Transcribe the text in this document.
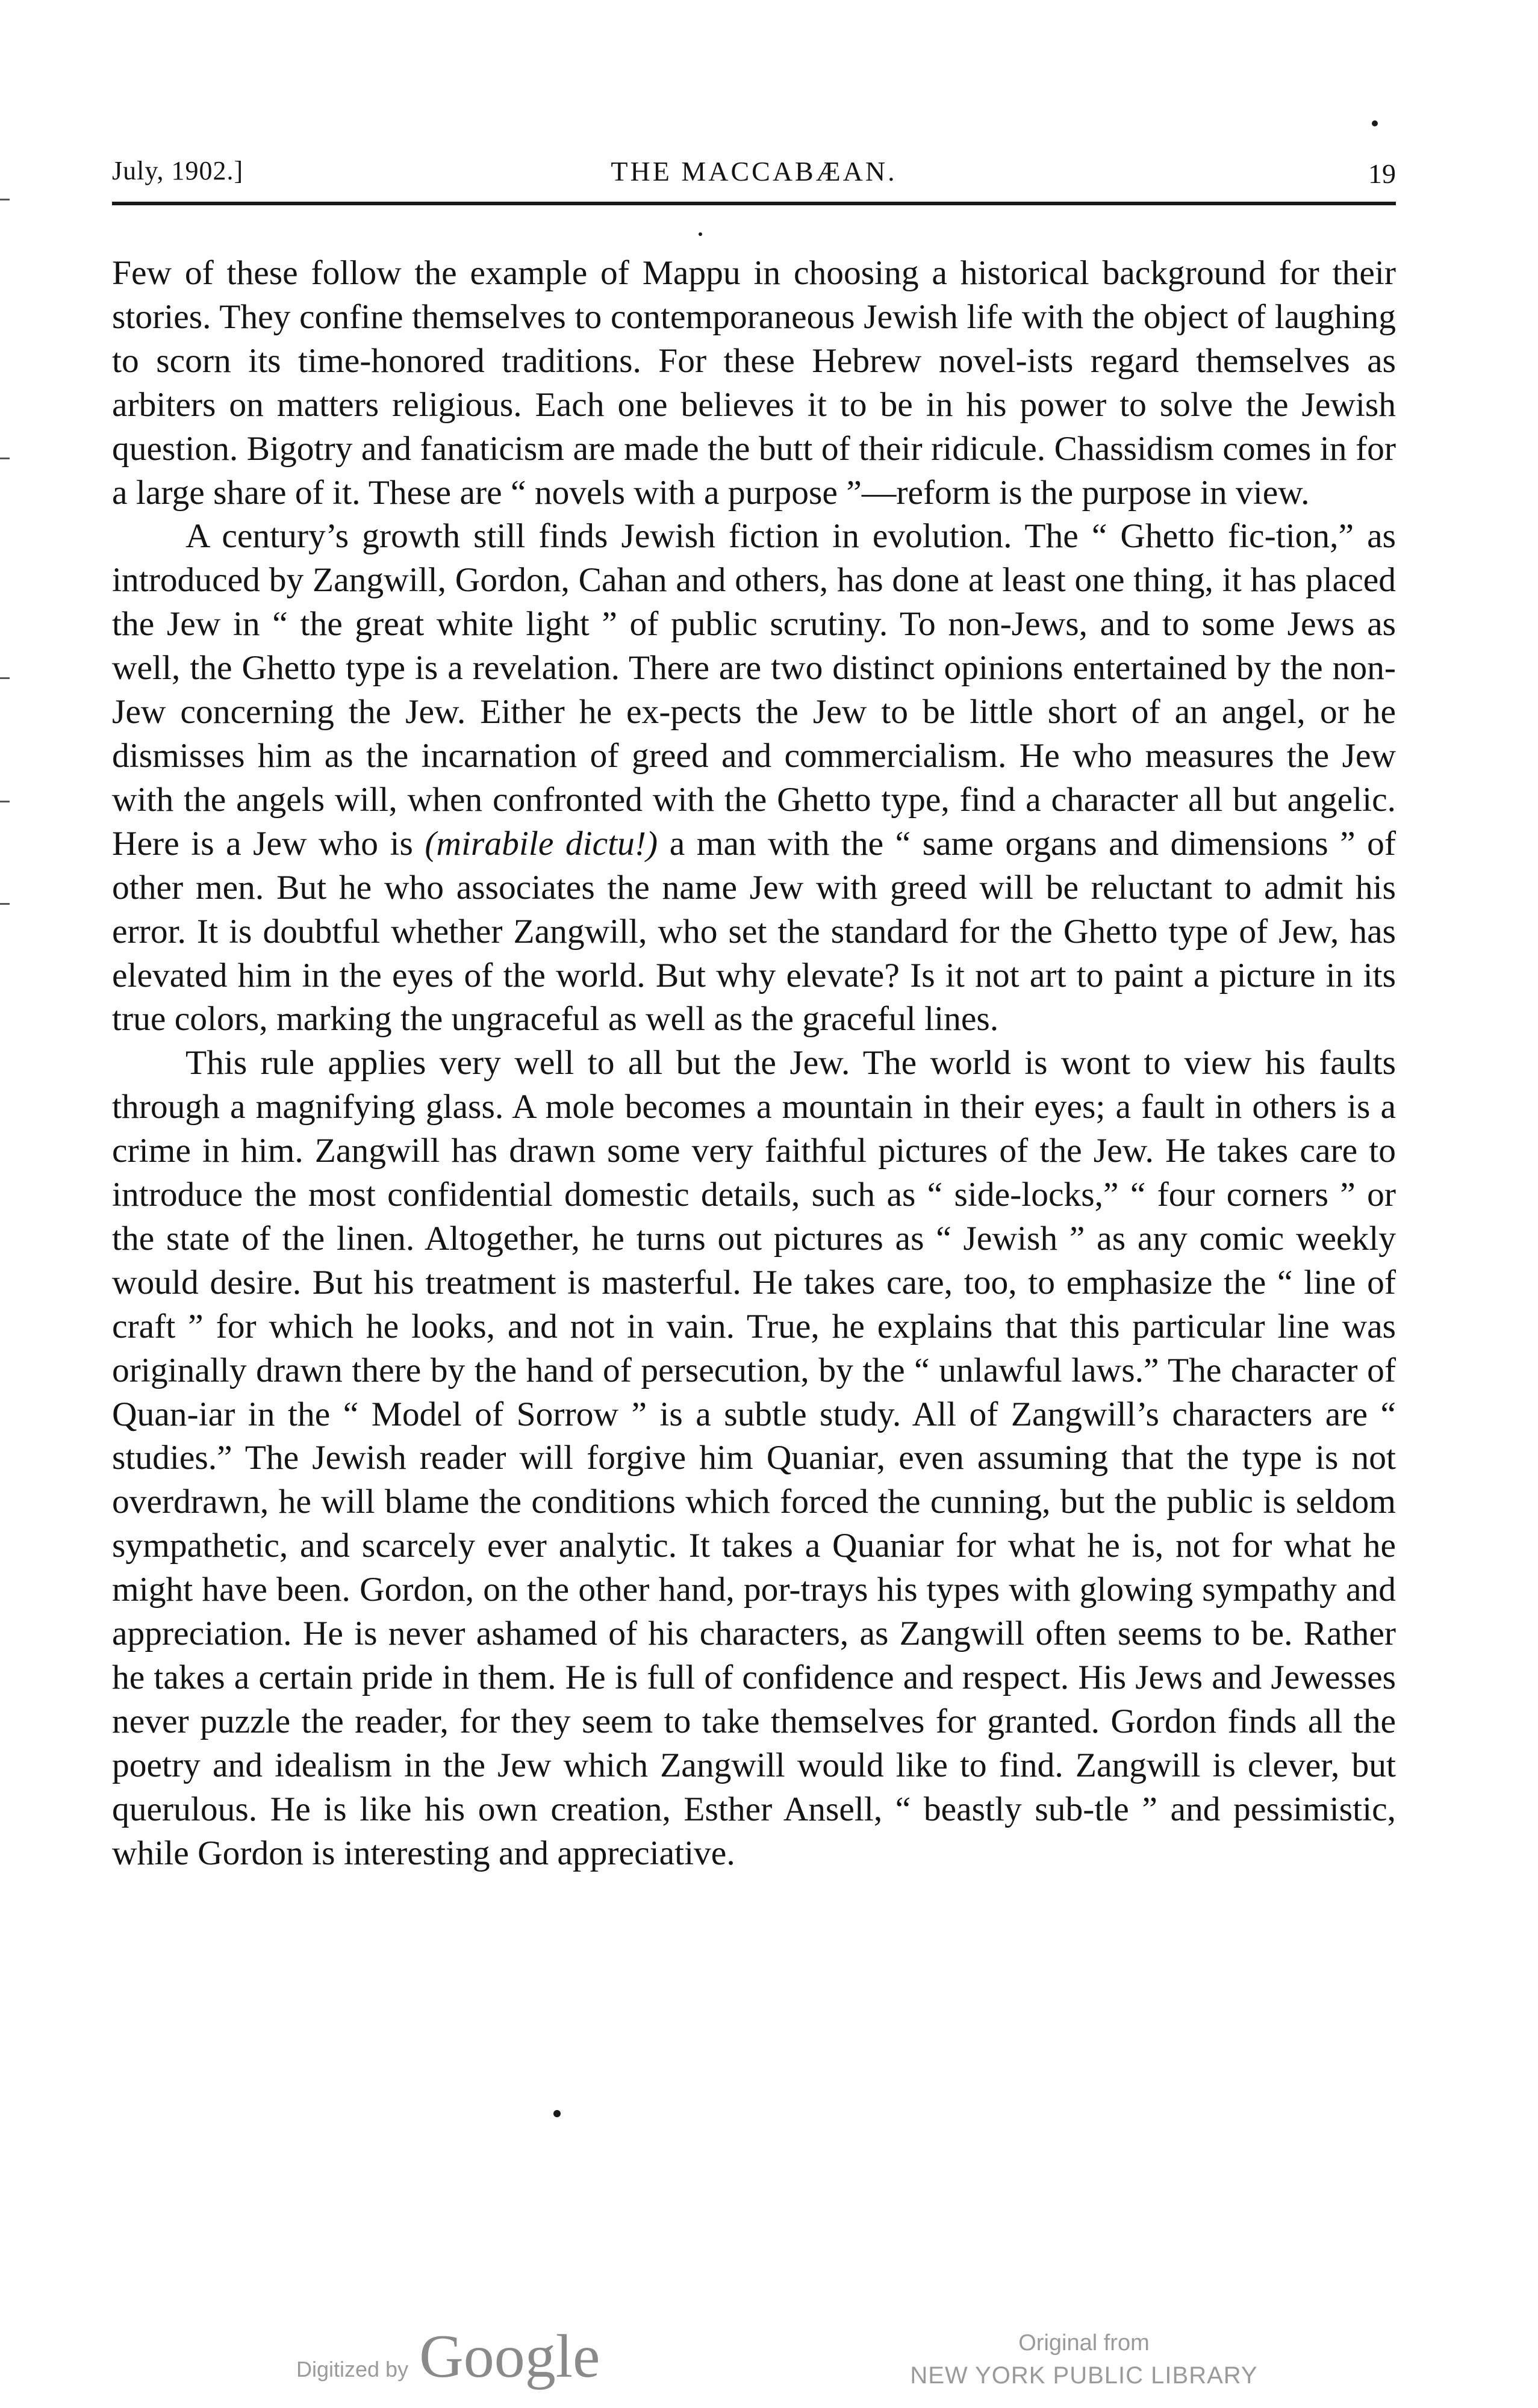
July, 1902.]	THE MACCABÆAN.	19

Few of these follow the example of Mappu in choosing a historical background for their stories. They confine themselves to contemporaneous Jewish life with the object of laughing to scorn its time-honored traditions. For these Hebrew novel-ists regard themselves as arbiters on matters religious. Each one believes it to be in his power to solve the Jewish question. Bigotry and fanaticism are made the butt of their ridicule. Chassidism comes in for a large share of it. These are “ novels with a purpose ”—reform is the purpose in view.

A century’s growth still finds Jewish fiction in evolution. The “ Ghetto fic-tion,” as introduced by Zangwill, Gordon, Cahan and others, has done at least one thing, it has placed the Jew in “ the great white light ” of public scrutiny. To non-Jews, and to some Jews as well, the Ghetto type is a revelation. There are two distinct opinions entertained by the non-Jew concerning the Jew. Either he ex-pects the Jew to be little short of an angel, or he dismisses him as the incarnation of greed and commercialism. He who measures the Jew with the angels will, when confronted with the Ghetto type, find a character all but angelic. Here is a Jew who is (mirabile dictu!) a man with the “ same organs and dimensions ” of other men. But he who associates the name Jew with greed will be reluctant to admit his error. It is doubtful whether Zangwill, who set the standard for the Ghetto type of Jew, has elevated him in the eyes of the world. But why elevate? Is it not art to paint a picture in its true colors, marking the ungraceful as well as the graceful lines.

This rule applies very well to all but the Jew. The world is wont to view his faults through a magnifying glass. A mole becomes a mountain in their eyes; a fault in others is a crime in him. Zangwill has drawn some very faithful pictures of the Jew. He takes care to introduce the most confidential domestic details, such as “ side-locks,” “ four corners ” or the state of the linen. Altogether, he turns out pictures as “ Jewish ” as any comic weekly would desire. But his treatment is masterful. He takes care, too, to emphasize the “ line of craft ” for which he looks, and not in vain. True, he explains that this particular line was originally drawn there by the hand of persecution, by the “ unlawful laws.” The character of Quan-iar in the “ Model of Sorrow ” is a subtle study. All of Zangwill’s characters are “ studies.” The Jewish reader will forgive him Quaniar, even assuming that the type is not overdrawn, he will blame the conditions which forced the cunning, but the public is seldom sympathetic, and scarcely ever analytic. It takes a Quaniar for what he is, not for what he might have been. Gordon, on the other hand, por-trays his types with glowing sympathy and appreciation. He is never ashamed of his characters, as Zangwill often seems to be. Rather he takes a certain pride in them. He is full of confidence and respect. His Jews and Jewesses never puzzle the reader, for they seem to take themselves for granted. Gordon finds all the poetry and idealism in the Jew which Zangwill would like to find. Zangwill is clever, but querulous. He is like his own creation, Esther Ansell, “ beastly sub-tle ” and pessimistic, while Gordon is interesting and appreciative.

Digitized by Google	Original from
NEW YORK PUBLIC LIBRARY
